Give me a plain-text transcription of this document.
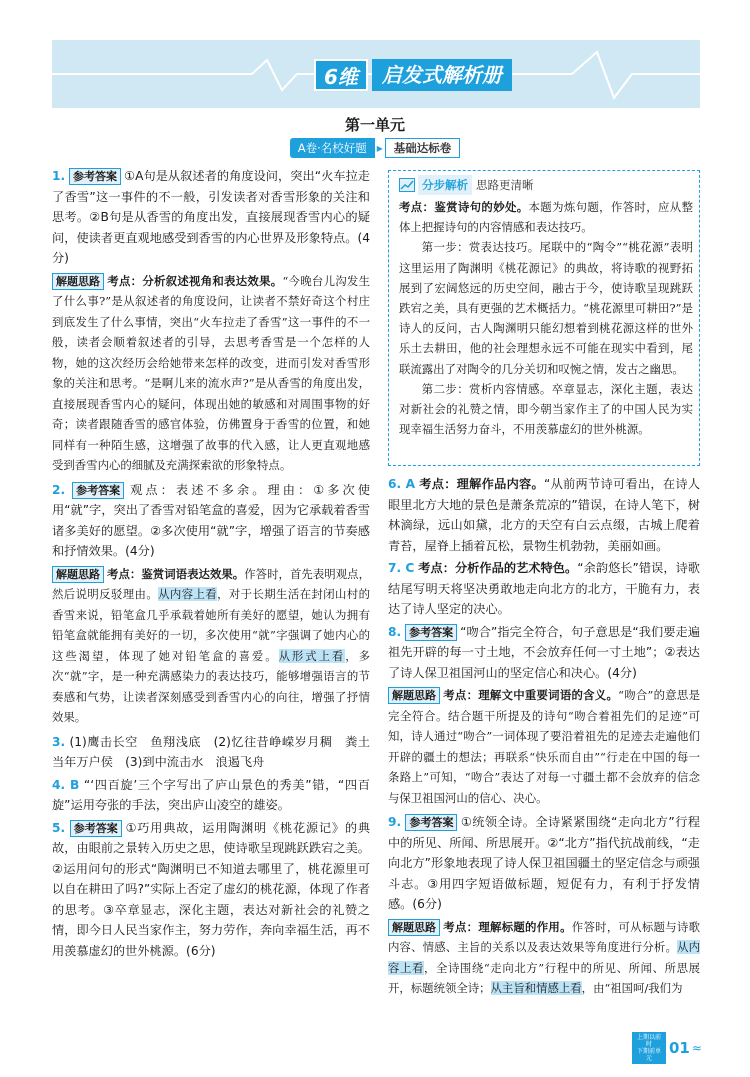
6维	启发式解析册
第一单元
A卷·名校好题 ▸ 基础达标卷
1. 参考答案 ①A句是从叙述者的角度设问，突出“火车拉走了香雪”这一事件的不一般，引发读者对香雪形象的关注和思考。②B句是从香雪的角度出发，直接展现香雪内心的疑问，使读者更直观地感受到香雪的内心世界及形象特点。(4分)
解题思路 考点：分析叙述视角和表达效果。“今晚台儿沟发生了什么事?”是从叙述者的角度设问，让读者不禁好奇这个村庄到底发生了什么事情，突出“火车拉走了香雪”这一事件的不一般，读者会顺着叙述者的引导，去思考香雪是一个怎样的人物，她的这次经历会给她带来怎样的改变，进而引发对香雪形象的关注和思考。“是啊儿来的流水声?”是从香雪的角度出发，直接展现香雪内心的疑问，体现出她的敏感和对周围事物的好奇；读者跟随香雪的感官体验，仿佛置身于香雪的位置，和她同样有一种陌生感，这增强了故事的代入感，让人更直观地感受到香雪内心的细腻及充满探索欲的形象特点。
2. 参考答案 观点：表述不多余。理由：①多次使用“就”字，突出了香雪对铅笔盒的喜爱，因为它承载着香雪诸多美好的愿望。②多次使用“就”字，增强了语言的节奏感和抒情效果。(4分)
解题思路 考点：鉴赏词语表达效果。作答时，首先表明观点，然后说明反驳理由。从内容上看，对于长期生活在封闭山村的香雪来说，铅笔盒几乎承载着她所有美好的愿望，她认为拥有铅笔盒就能拥有美好的一切，多次使用“就”字强调了她内心的这些渴望，体现了她对铅笔盒的喜爱。从形式上看，多次“就”字，是一种充满感染力的表达技巧，能够增强语言的节奏感和气势，让读者深刻感受到香雪内心的向往，增强了抒情效果。
3. (1)鹰击长空　鱼翔浅底　(2)忆往昔峥嵘岁月稠　粪土当年万户侯　(3)到中流击水　浪遏飞舟
4. B “‘四百旋’三个字写出了庐山景色的秀美”错，“四百旋”运用夸张的手法，突出庐山凌空的雄姿。
5. 参考答案 ①巧用典故，运用陶渊明《桃花源记》的典故，由眼前之景转入历史之思，使诗歌呈现跳跃跌宕之美。②运用问句的形式“陶渊明已不知道去哪里了，桃花源里可以自在耕田了吗?”实际上否定了虚幻的桃花源，体现了作者的思考。③卒章显志，深化主题，表达对新社会的礼赞之情，即今日人民当家作主，努力劳作，奔向幸福生活，再不用羡慕虚幻的世外桃源。(6分)
分步解析 思路更清晰
考点：鉴赏诗句的妙处。本题为炼句题，作答时，应从整体上把握诗句的内容情感和表达技巧。
第一步：赏表达技巧。尾联中的“陶令”“桃花源”表明这里运用了陶渊明《桃花源记》的典故，将诗歌的视野拓展到了宏阔悠远的历史空间，融古于今，使诗歌呈现跳跃跌宕之美，具有更强的艺术概括力。“桃花源里可耕田?”是诗人的反问，古人陶渊明只能幻想着到桃花源这样的世外乐土去耕田，他的社会理想永远不可能在现实中看到，尾联流露出了对陶令的几分关切和叹惋之情，发古之幽思。
第二步：赏析内容情感。卒章显志，深化主题，表达对新社会的礼赞之情，即今朝当家作主了的中国人民为实现幸福生活努力奋斗，不用羡慕虚幻的世外桃源。
6. A 考点：理解作品内容。“从前两节诗可看出，在诗人眼里北方大地的景色是萧条荒凉的”错误，在诗人笔下，树林滴绿，远山如黛，北方的天空有白云点缀，古城上爬着青苔，屋脊上插着瓦松，景物生机勃勃，美丽如画。
7. C 考点：分析作品的艺术特色。“余韵悠长”错误，诗歌结尾写明天将坚决勇敢地走向北方的北方，干脆有力，表达了诗人坚定的决心。
8. 参考答案 “吻合”指完全符合，句子意思是“我们要走遍祖先开辟的每一寸土地，不会放弃任何一寸土地”；②表达了诗人保卫祖国河山的坚定信心和决心。(4分)
解题思路 考点：理解文中重要词语的含义。“吻合”的意思是完全符合。结合题干所提及的诗句“吻合着祖先们的足迹”可知，诗人通过“吻合”一词体现了要沿着祖先的足迹去走遍他们开辟的疆土的想法；再联系“快乐而自由”“行走在中国的每一条路上”可知，“吻合”表达了对每一寸疆土都不会放弃的信念与保卫祖国河山的信心、决心。
9. 参考答案 ①统领全诗。全诗紧紧围绕“走向北方”行程中的所见、所闻、所思展开。②“北方”指代抗战前线，“走向北方”形象地表现了诗人保卫祖国疆土的坚定信念与顽强斗志。③用四字短语做标题，短促有力，有利于抒发情感。(6分)
解题思路 考点：理解标题的作用。作答时，可从标题与诗歌内容、情感、主旨的关系以及表达效果等角度进行分析。从内容上看，全诗围绕“走向北方”行程中的所见、所闻、所思展开，标题统领全诗；从主旨和情感上看，由“祖国呵/我们为
上期以前时
下期前单元
01 ≈
